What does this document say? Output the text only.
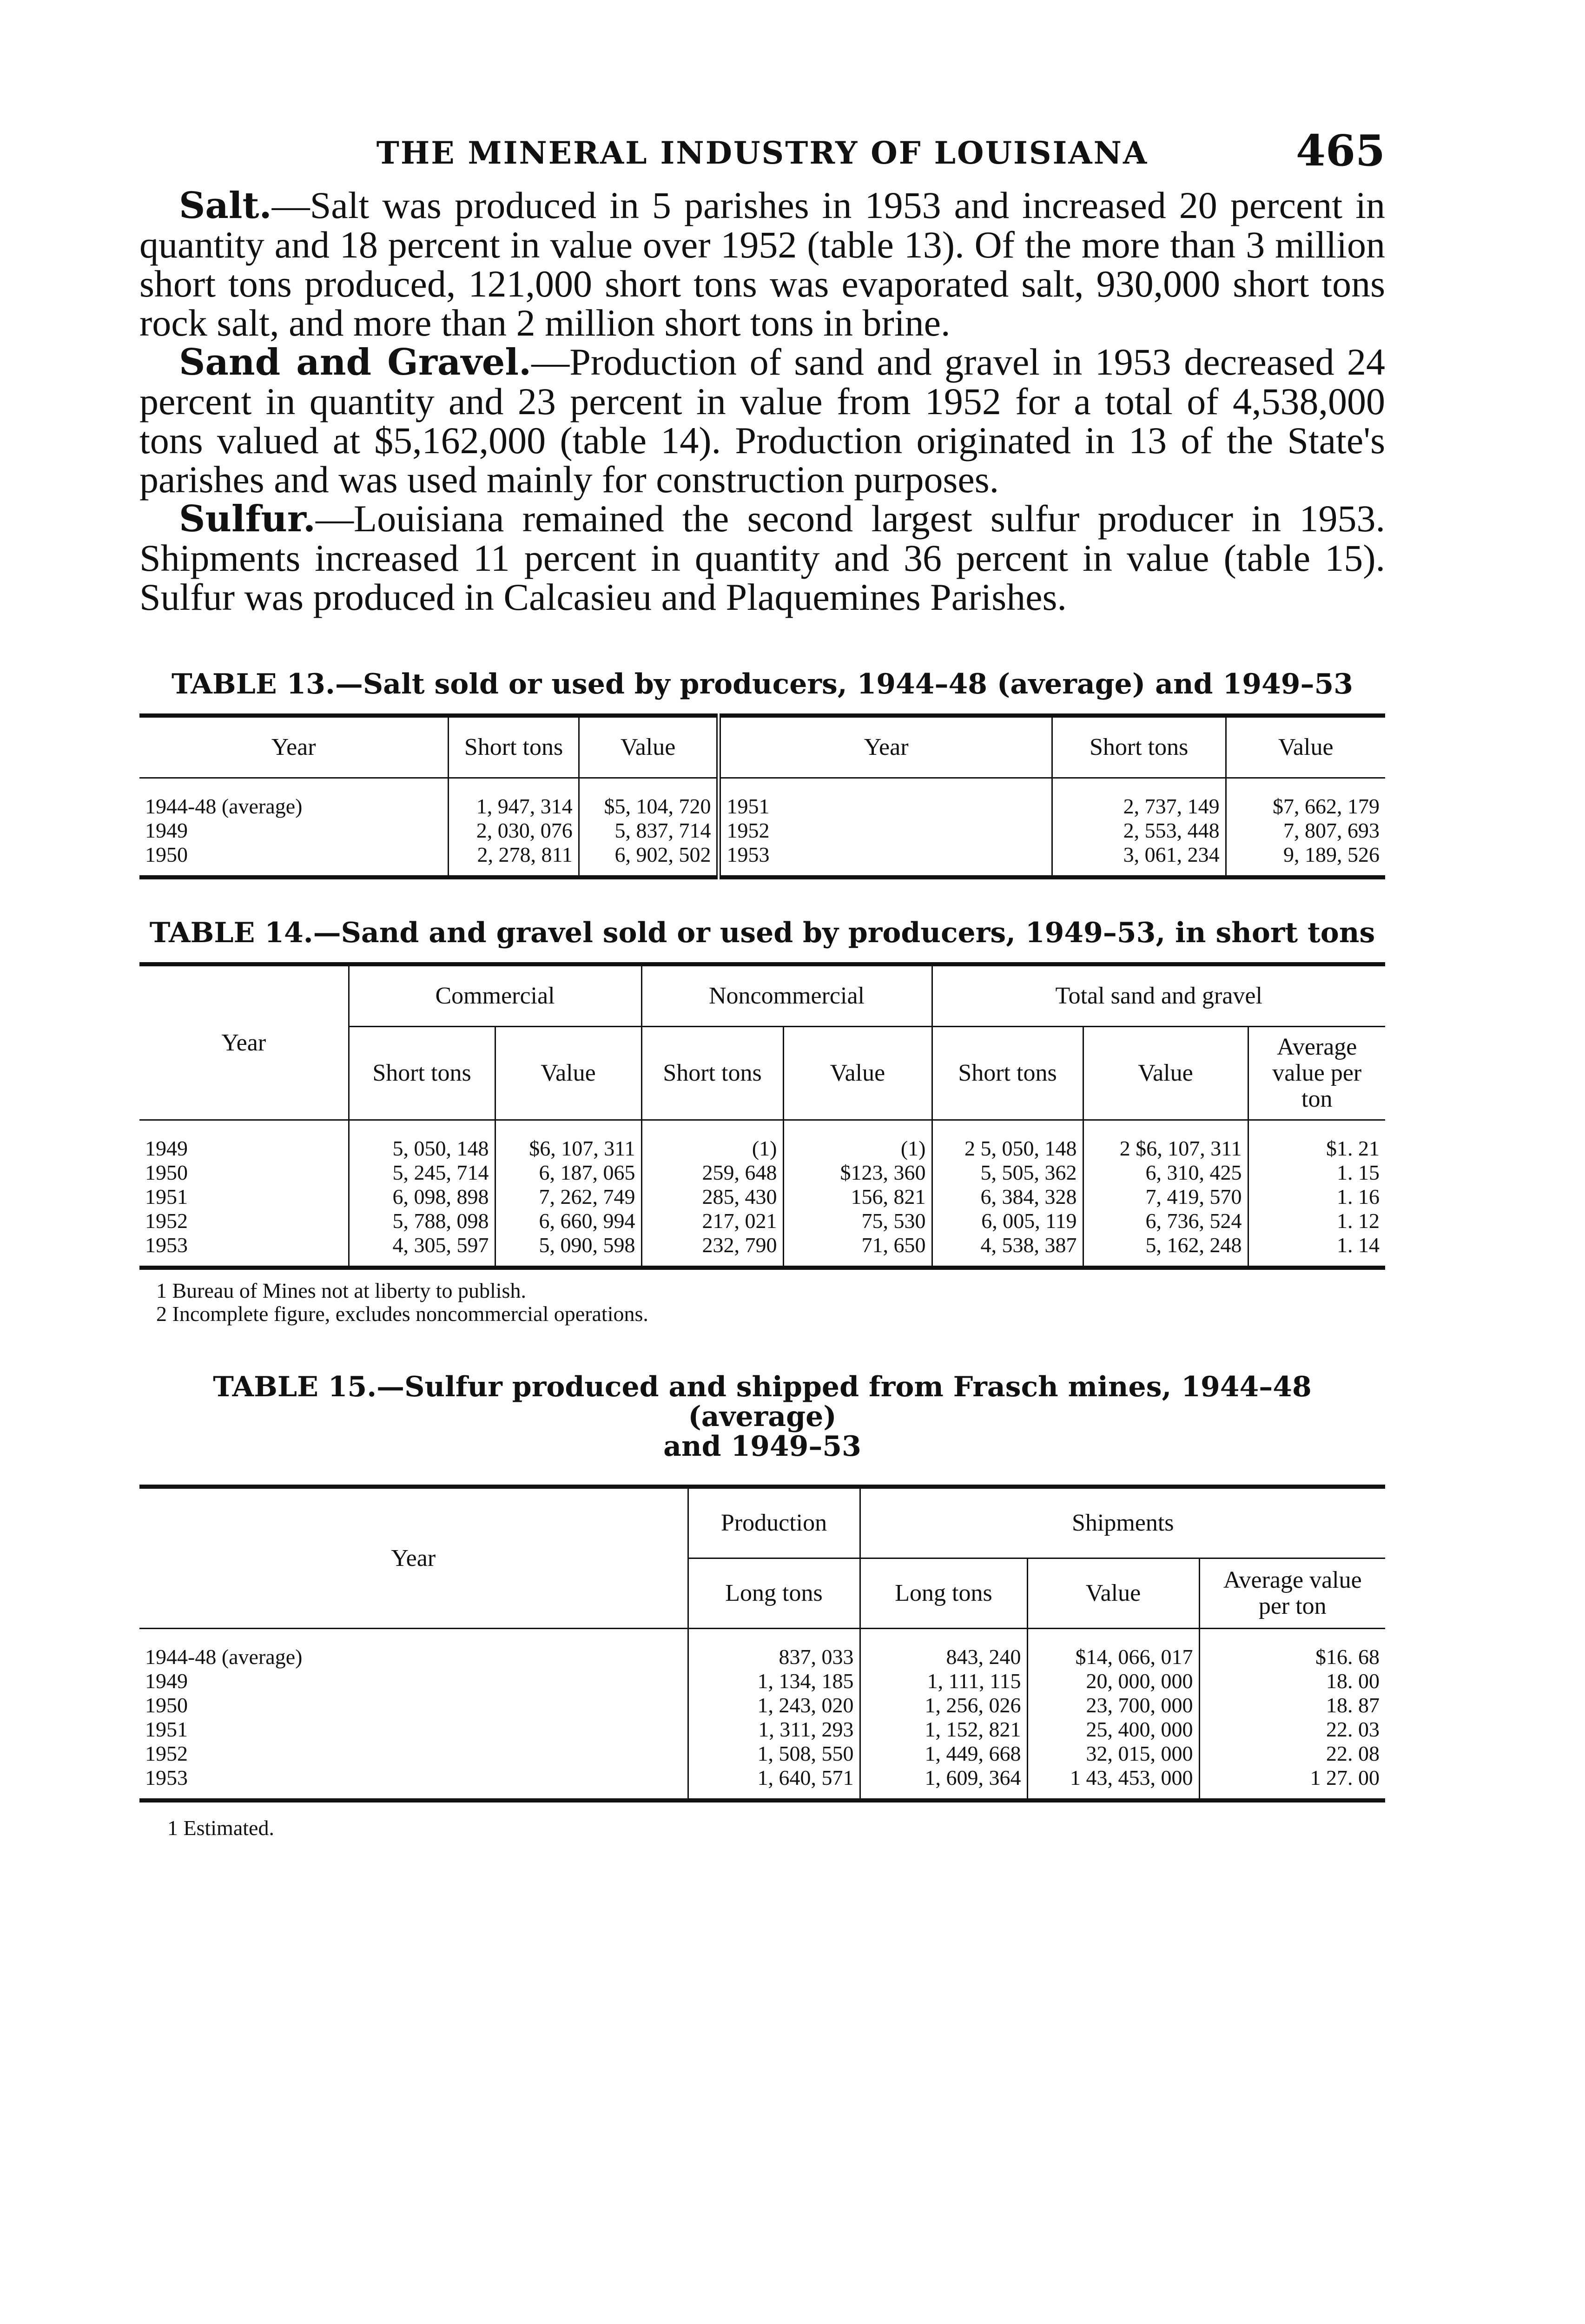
THE MINERAL INDUSTRY OF LOUISIANA	465

Salt.—Salt was produced in 5 parishes in 1953 and increased 20 percent in quantity and 18 percent in value over 1952 (table 13). Of the more than 3 million short tons produced, 121,000 short tons was evaporated salt, 930,000 short tons rock salt, and more than 2 million short tons in brine.

Sand and Gravel.—Production of sand and gravel in 1953 decreased 24 percent in quantity and 23 percent in value from 1952 for a total of 4,538,000 tons valued at $5,162,000 (table 14). Production originated in 13 of the State's parishes and was used mainly for construction purposes.

Sulfur.—Louisiana remained the second largest sulfur producer in 1953. Shipments increased 11 percent in quantity and 36 percent in value (table 15). Sulfur was produced in Calcasieu and Plaquemines Parishes.

TABLE 13.—Salt sold or used by producers, 1944–48 (average) and 1949–53
Year	Short tons	Value	Year	Short tons	Value

1944-48 (average)	1, 947, 314	$5, 104, 720	1951	2, 737, 149	$7, 662, 179
1949	2, 030, 076	5, 837, 714	1952	2, 553, 448	7, 807, 693
1950	2, 278, 811	6, 902, 502	1953	3, 061, 234	9, 189, 526

TABLE 14.—Sand and gravel sold or used by producers, 1949–53, in short tons
Year	Commercial		Noncommercial		Total sand and gravel		
	Short tons	Value	Short tons	Value	Short tons	Value	Average value per ton

1949	5, 050, 148	$6, 107, 311	(1)	(1)	2 5, 050, 148	2 $6, 107, 311	$1. 21
1950	5, 245, 714	6, 187, 065	259, 648	$123, 360	5, 505, 362	6, 310, 425	1. 15
1951	6, 098, 898	7, 262, 749	285, 430	156, 821	6, 384, 328	7, 419, 570	1. 16
1952	5, 788, 098	6, 660, 994	217, 021	75, 530	6, 005, 119	6, 736, 524	1. 12
1953	4, 305, 597	5, 090, 598	232, 790	71, 650	4, 538, 387	5, 162, 248	1. 14

1 Bureau of Mines not at liberty to publish.
2 Incomplete figure, excludes noncommercial operations.
TABLE 15.—Sulfur produced and shipped from Frasch mines, 1944–48 (average)
and 1949–53
Year	Production	Shipments		
	Long tons	Long tons	Value	Average value per ton

1944-48 (average)	837, 033	843, 240	$14, 066, 017	$16. 68
1949	1, 134, 185	1, 111, 115	20, 000, 000	18. 00
1950	1, 243, 020	1, 256, 026	23, 700, 000	18. 87
1951	1, 311, 293	1, 152, 821	25, 400, 000	22. 03
1952	1, 508, 550	1, 449, 668	32, 015, 000	22. 08
1953	1, 640, 571	1, 609, 364	1 43, 453, 000	1 27. 00

1 Estimated.
